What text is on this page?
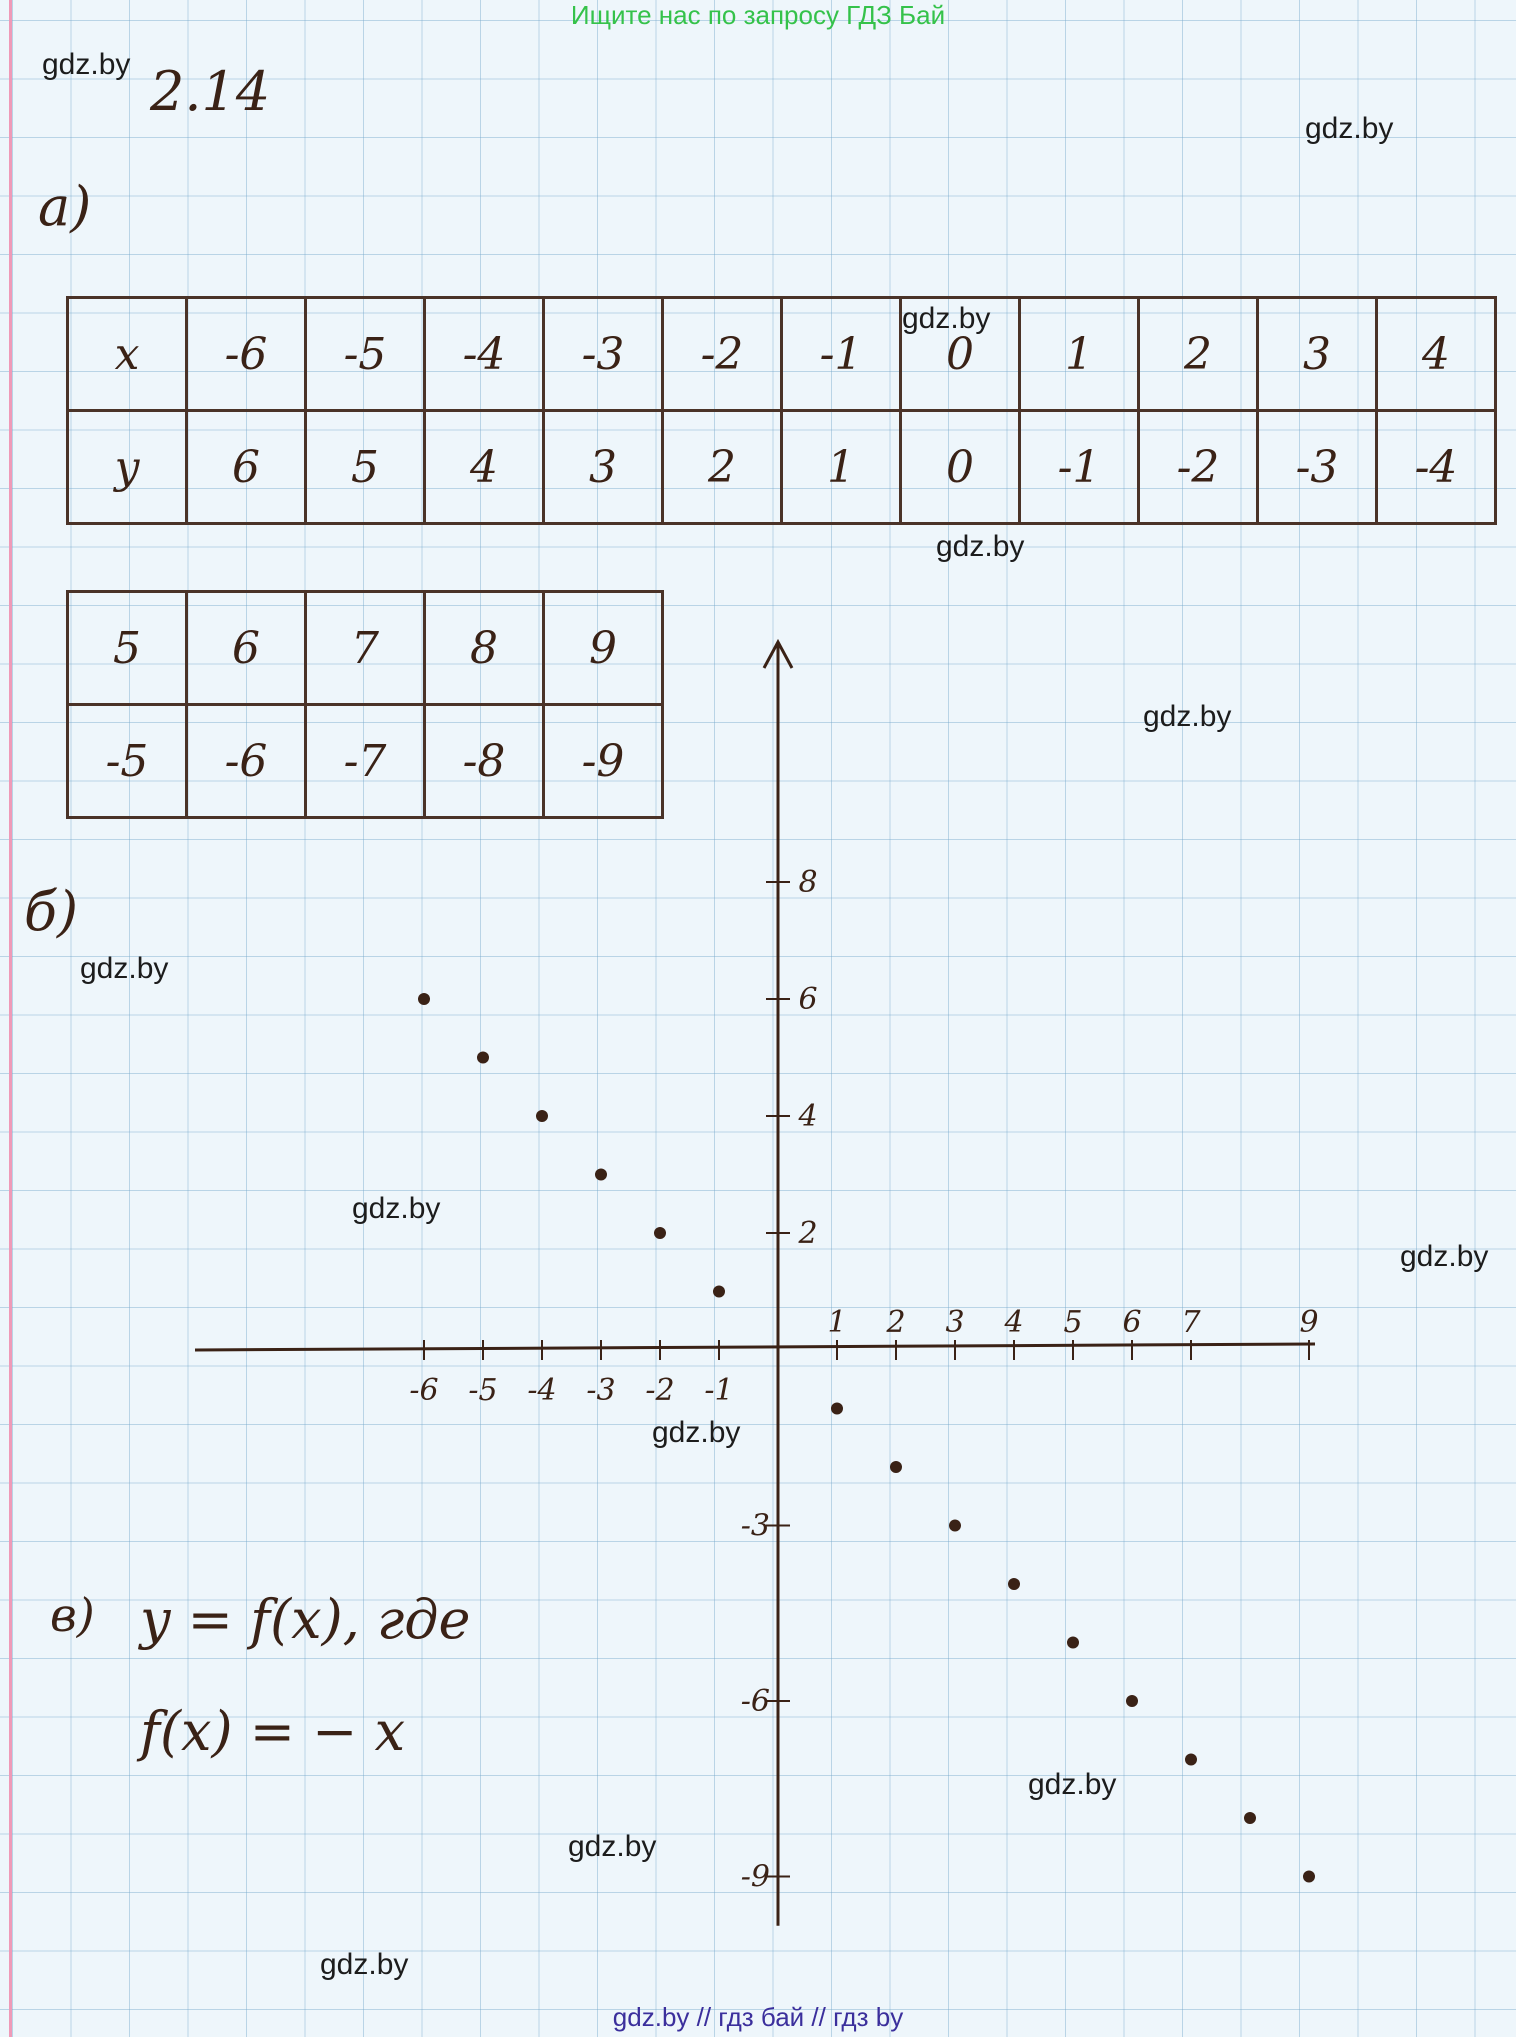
Ищите нас по запросу ГДЗ Бай
gdz.by
gdz.by
gdz.by
gdz.by
gdz.by
gdz.by
gdz.by
gdz.by
gdz.by
gdz.by
gdz.by
gdz.by
2.14
а)
x	-6	-5	-4	-3	-2	-1	0	1	2	3	4
y	6	5	4	3	2	1	0	-1	-2	-3	-4
5	6	7	8	9
-5	-6	-7	-8	-9
б)
-6 -5 -4 -3 -2 -1
1 2 3 4 5 6 7	9
8
6
4
2
-3
-6
-9
в) y = f(x), где
f(x) = − x
gdz.by // гдз бай // гдз by
